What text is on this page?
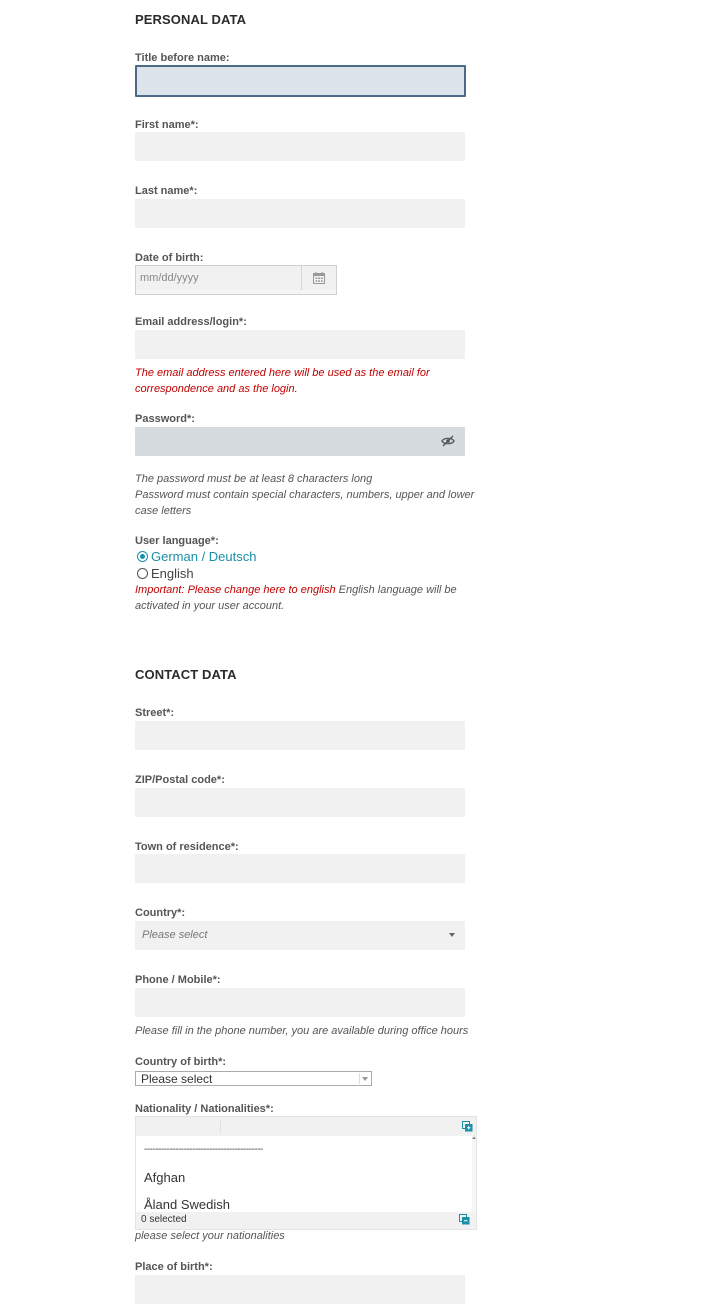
PERSONAL DATA
Title before name:
First name*:
Last name*:
Date of birth:
mm/dd/yyyy
Email address/login*:
The email address entered here will be used as the email for correspondence and as the login.
Password*:
The password must be at least 8 characters long
Password must contain special characters, numbers, upper and lower case letters
User language*:
German / Deutsch
English
Important: Please change here to english English language will be activated in your user account.
CONTACT DATA
Street*:
ZIP/Postal code*:
Town of residence*:
Country*:
Please select
Phone / Mobile*:
Please fill in the phone number, you are available during office hours
Country of birth*:
Please select
Nationality / Nationalities*:
------------------------------------------
Afghan
Åland Swedish
0 selected
please select your nationalities
Place of birth*:
